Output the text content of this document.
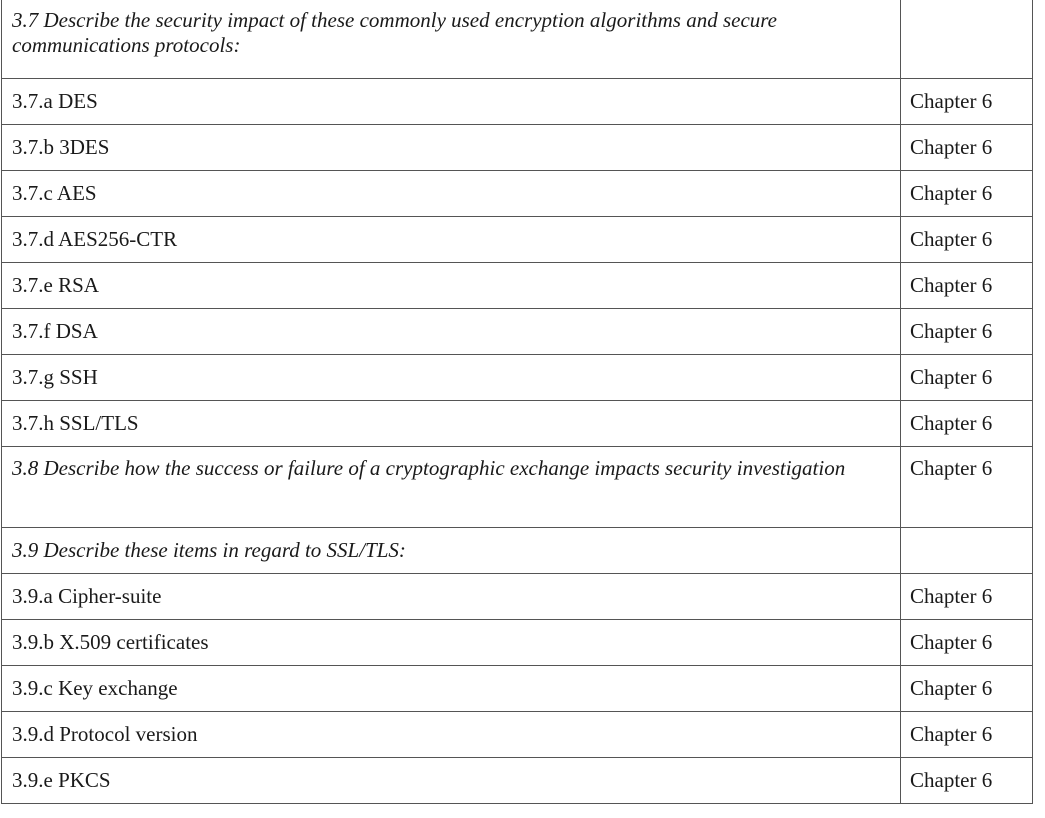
3.7 Describe the security impact of these commonly used encryption algorithms and secure communications protocols:	
3.7.a DES	Chapter 6
3.7.b 3DES	Chapter 6
3.7.c AES	Chapter 6
3.7.d AES256-CTR	Chapter 6
3.7.e RSA	Chapter 6
3.7.f DSA	Chapter 6
3.7.g SSH	Chapter 6
3.7.h SSL/TLS	Chapter 6
3.8 Describe how the success or failure of a cryptographic exchange impacts security investigation	Chapter 6
3.9 Describe these items in regard to SSL/TLS:	
3.9.a Cipher-suite	Chapter 6
3.9.b X.509 certificates	Chapter 6
3.9.c Key exchange	Chapter 6
3.9.d Protocol version	Chapter 6
3.9.e PKCS	Chapter 6
